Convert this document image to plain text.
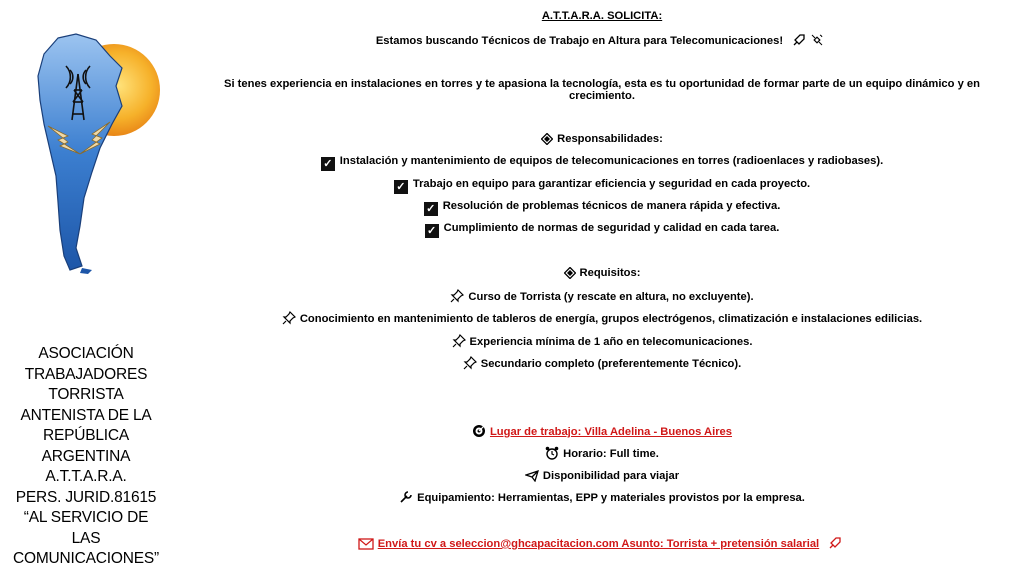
ASOCIACIÓN
TRABAJADORES
TORRISTA
ANTENISTA DE LA
REPÚBLICA
ARGENTINA
A.T.T.A.R.A.
PERS. JURID.81615
“AL SERVICIO DE
LAS
COMUNICACIONES”
A.T.T.A.R.A. SOLICITA:
Estamos buscando Técnicos de Trabajo en Altura para Telecomunicaciones!
Si tenes experiencia en instalaciones en torres y te apasiona la tecnología, esta es tu oportunidad de formar parte de un equipo dinámico y en
crecimiento.
Responsabilidades:
✓ Instalación y mantenimiento de equipos de telecomunicaciones en torres (radioenlaces y radiobases).
✓ Trabajo en equipo para garantizar eficiencia y seguridad en cada proyecto.
✓ Resolución de problemas técnicos de manera rápida y efectiva.
✓ Cumplimiento de normas de seguridad y calidad en cada tarea.
Requisitos:
Curso de Torrista (y rescate en altura, no excluyente).
Conocimiento en mantenimiento de tableros de energía, grupos electrógenos, climatización e instalaciones edilicias.
Experiencia mínima de 1 año en telecomunicaciones.
Secundario completo (preferentemente Técnico).
Lugar de trabajo: Villa Adelina - Buenos Aires
Horario: Full time.
Disponibilidad para viajar
Equipamiento: Herramientas, EPP y materiales provistos por la empresa.
Envía tu cv a seleccion@ghcapacitacion.com Asunto: Torrista + pretensión salarial
